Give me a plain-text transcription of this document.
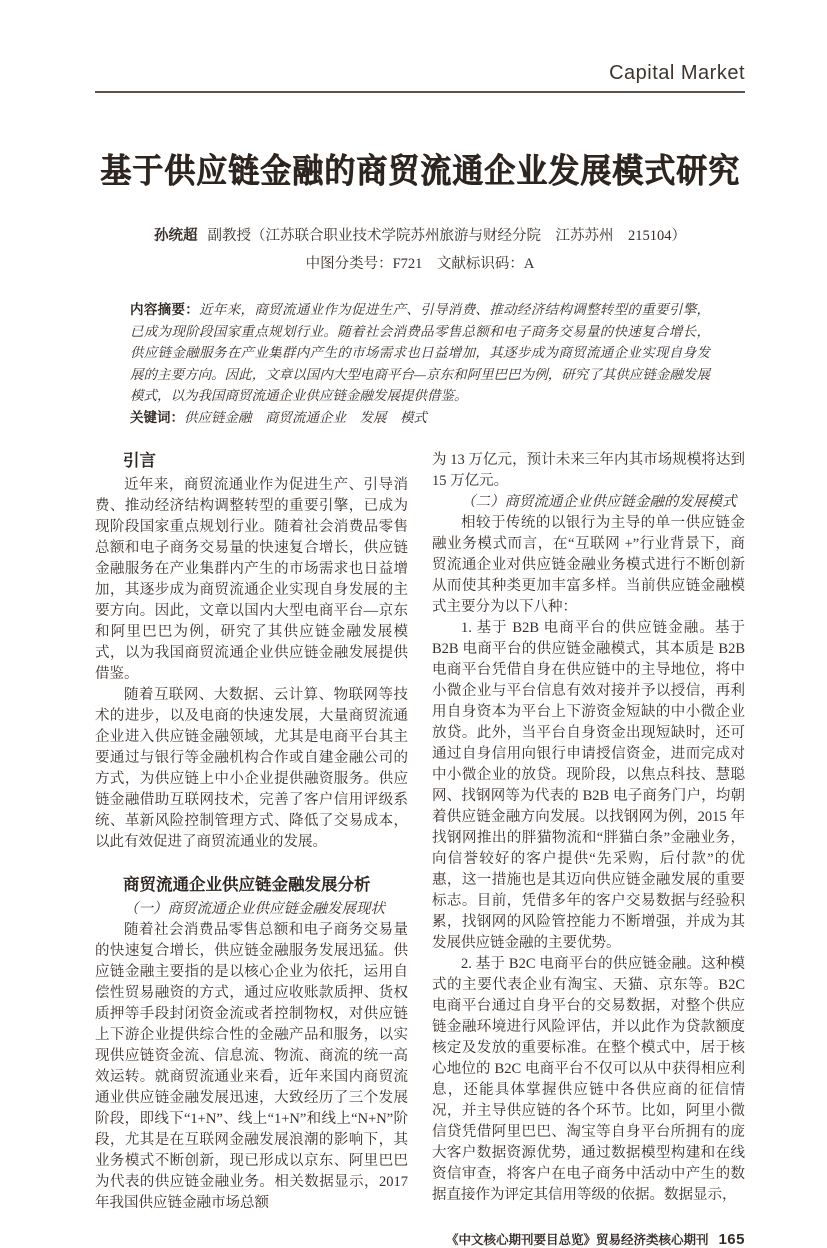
Capital Market
基于供应链金融的商贸流通企业发展模式研究
孙统超 副教授（江苏联合职业技术学院苏州旅游与财经分院　江苏苏州　215104）
中图分类号：F721　文献标识码：A
内容摘要：近年来，商贸流通业作为促进生产、引导消费、推动经济结构调整转型的重要引擎，已成为现阶段国家重点规划行业。随着社会消费品零售总额和电子商务交易量的快速复合增长，供应链金融服务在产业集群内产生的市场需求也日益增加，其逐步成为商贸流通企业实现自身发展的主要方向。因此，文章以国内大型电商平台—京东和阿里巴巴为例，研究了其供应链金融发展模式，以为我国商贸流通企业供应链金融发展提供借鉴。
关键词：供应链金融　商贸流通企业　发展　模式
引言

近年来，商贸流通业作为促进生产、引导消费、推动经济结构调整转型的重要引擎，已成为现阶段国家重点规划行业。随着社会消费品零售总额和电子商务交易量的快速复合增长，供应链金融服务在产业集群内产生的市场需求也日益增加，其逐步成为商贸流通企业实现自身发展的主要方向。因此，文章以国内大型电商平台—京东和阿里巴巴为例，研究了其供应链金融发展模式，以为我国商贸流通企业供应链金融发展提供借鉴。

随着互联网、大数据、云计算、物联网等技术的进步，以及电商的快速发展，大量商贸流通企业进入供应链金融领域，尤其是电商平台其主要通过与银行等金融机构合作或自建金融公司的方式，为供应链上中小企业提供融资服务。供应链金融借助互联网技术，完善了客户信用评级系统、革新风险控制管理方式、降低了交易成本，以此有效促进了商贸流通业的发展。

商贸流通企业供应链金融发展分析

（一）商贸流通企业供应链金融发展现状

随着社会消费品零售总额和电子商务交易量的快速复合增长，供应链金融服务发展迅猛。供应链金融主要指的是以核心企业为依托，运用自偿性贸易融资的方式，通过应收账款质押、货权质押等手段封闭资金流或者控制物权，对供应链上下游企业提供综合性的金融产品和服务，以实现供应链资金流、信息流、物流、商流的统一高效运转。就商贸流通业来看，近年来国内商贸流通业供应链金融发展迅速，大致经历了三个发展阶段，即线下“1+N”、线上“1+N”和线上“N+N”阶段，尤其是在互联网金融发展浪潮的影响下，其业务模式不断创新，现已形成以京东、阿里巴巴为代表的供应链金融业务。相关数据显示，2017 年我国供应链金融市场总额

为 13 万亿元，预计未来三年内其市场规模将达到 15 万亿元。

（二）商贸流通企业供应链金融的发展模式

相较于传统的以银行为主导的单一供应链金融业务模式而言，在“互联网 +”行业背景下，商贸流通企业对供应链金融业务模式进行不断创新从而使其种类更加丰富多样。当前供应链金融模式主要分为以下八种：

1. 基于 B2B 电商平台的供应链金融。基于 B2B 电商平台的供应链金融模式，其本质是 B2B 电商平台凭借自身在供应链中的主导地位，将中小微企业与平台信息有效对接并予以授信，再利用自身资本为平台上下游资金短缺的中小微企业放贷。此外，当平台自身资金出现短缺时，还可通过自身信用向银行申请授信资金，进而完成对中小微企业的放贷。现阶段，以焦点科技、慧聪网、找钢网等为代表的 B2B 电子商务门户，均朝着供应链金融方向发展。以找钢网为例，2015 年找钢网推出的胖猫物流和“胖猫白条”金融业务，向信誉较好的客户提供“先采购，后付款”的优惠，这一措施也是其迈向供应链金融发展的重要标志。目前，凭借多年的客户交易数据与经验积累，找钢网的风险管控能力不断增强，并成为其发展供应链金融的主要优势。

2. 基于 B2C 电商平台的供应链金融。这种模式的主要代表企业有淘宝、天猫、京东等。B2C 电商平台通过自身平台的交易数据，对整个供应链金融环境进行风险评估，并以此作为贷款额度核定及发放的重要标准。在整个模式中，居于核心地位的 B2C 电商平台不仅可以从中获得相应利息，还能具体掌握供应链中各供应商的征信情况，并主导供应链的各个环节。比如，阿里小微信贷凭借阿里巴巴、淘宝等自身平台所拥有的庞大客户数据资源优势，通过数据模型构建和在线资信审查，将客户在电子商务中活动中产生的数据直接作为评定其信用等级的依据。数据显示，

《中文核心期刊要目总览》贸易经济类核心期刊 165
